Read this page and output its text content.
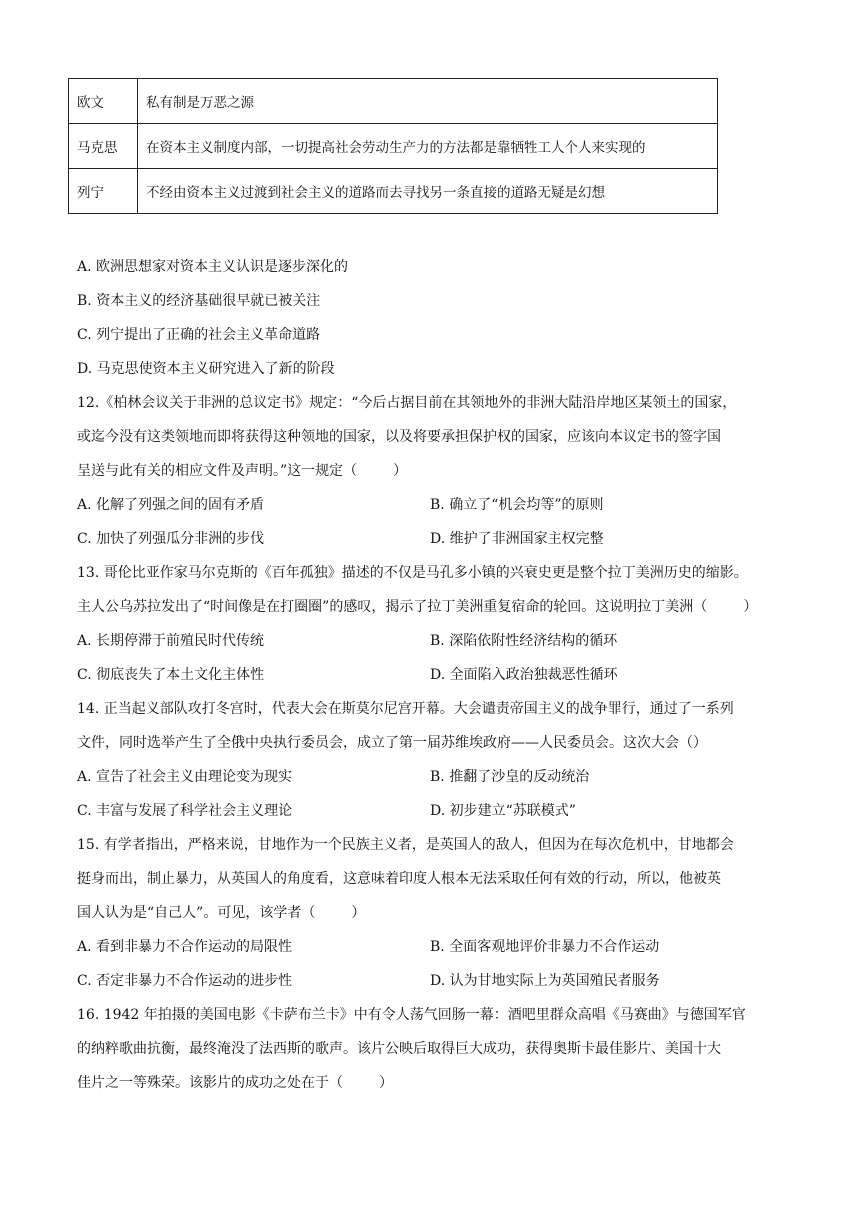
欧文	私有制是万恶之源
马克思	在资本主义制度内部，一切提高社会劳动生产力的方法都是靠牺牲工人个人来实现的
列宁	不经由资本主义过渡到社会主义的道路而去寻找另一条直接的道路无疑是幻想
A. 欧洲思想家对资本主义认识是逐步深化的
B. 资本主义的经济基础很早就已被关注
C. 列宁提出了正确的社会主义革命道路
D. 马克思使资本主义研究进入了新的阶段
12.《柏林会议关于非洲的总议定书》规定：“今后占据目前在其领地外的非洲大陆沿岸地区某领土的国家，
或迄今没有这类领地而即将获得这种领地的国家，以及将要承担保护权的国家，应该向本议定书的签字国
呈送与此有关的相应文件及声明。”这一规定（	）
A. 化解了列强之间的固有矛盾	B. 确立了“机会均等”的原则
C. 加快了列强瓜分非洲的步伐	D. 维护了非洲国家主权完整
13. 哥伦比亚作家马尔克斯的《百年孤独》描述的不仅是马孔多小镇的兴衰史更是整个拉丁美洲历史的缩影。
主人公乌苏拉发出了“时间像是在打圈圈”的感叹，揭示了拉丁美洲重复宿命的轮回。这说明拉丁美洲（	）
A. 长期停滞于前殖民时代传统	B. 深陷依附性经济结构的循环
C. 彻底丧失了本土文化主体性	D. 全面陷入政治独裁恶性循环
14. 正当起义部队攻打冬宫时，代表大会在斯莫尔尼宫开幕。大会谴责帝国主义的战争罪行，通过了一系列
文件，同时选举产生了全俄中央执行委员会，成立了第一届苏维埃政府——人民委员会。这次大会（）
A. 宣告了社会主义由理论变为现实	B. 推翻了沙皇的反动统治
C. 丰富与发展了科学社会主义理论	D. 初步建立“苏联模式”
15. 有学者指出，严格来说，甘地作为一个民族主义者，是英国人的敌人，但因为在每次危机中，甘地都会
挺身而出，制止暴力，从英国人的角度看，这意味着印度人根本无法采取任何有效的行动，所以，他被英
国人认为是“自己人”。可见，该学者（	）
A. 看到非暴力不合作运动的局限性	B. 全面客观地评价非暴力不合作运动
C. 否定非暴力不合作运动的进步性	D. 认为甘地实际上为英国殖民者服务
16. 1942 年拍摄的美国电影《卡萨布兰卡》中有令人荡气回肠一幕：酒吧里群众高唱《马赛曲》与德国军官
的纳粹歌曲抗衡，最终淹没了法西斯的歌声。该片公映后取得巨大成功，获得奥斯卡最佳影片、美国十大
佳片之一等殊荣。该影片的成功之处在于（	）
